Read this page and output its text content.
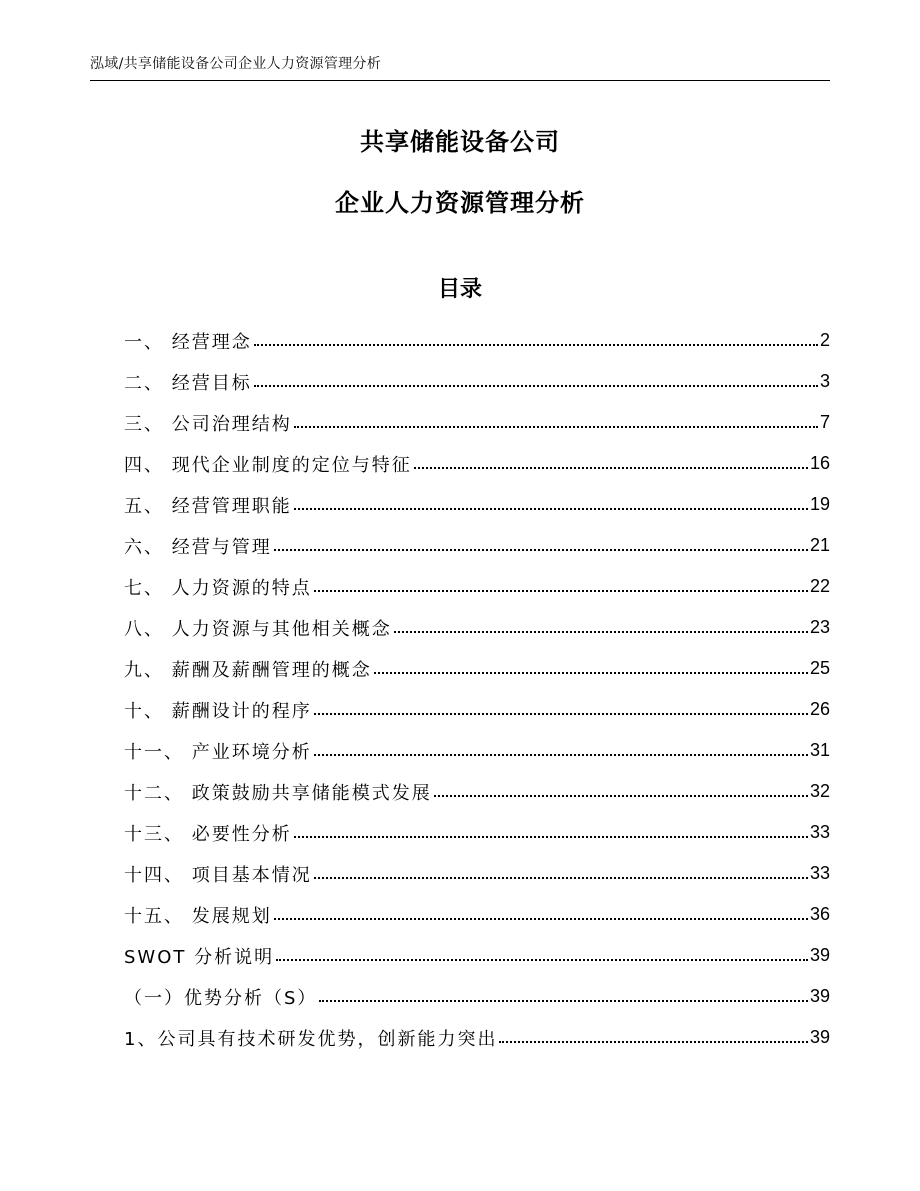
泓域/共享储能设备公司企业人力资源管理分析
共享储能设备公司
企业人力资源管理分析
目录
一、 经营理念	2
二、 经营目标	3
三、 公司治理结构	7
四、 现代企业制度的定位与特征	16
五、 经营管理职能	19
六、 经营与管理	21
七、 人力资源的特点	22
八、 人力资源与其他相关概念	23
九、 薪酬及薪酬管理的概念	25
十、 薪酬设计的程序	26
十一、 产业环境分析	31
十二、 政策鼓励共享储能模式发展	32
十三、 必要性分析	33
十四、 项目基本情况	33
十五、 发展规划	36
SWOT 分析说明	39
（一）优势分析（S）	39
1、公司具有技术研发优势，创新能力突出	39
